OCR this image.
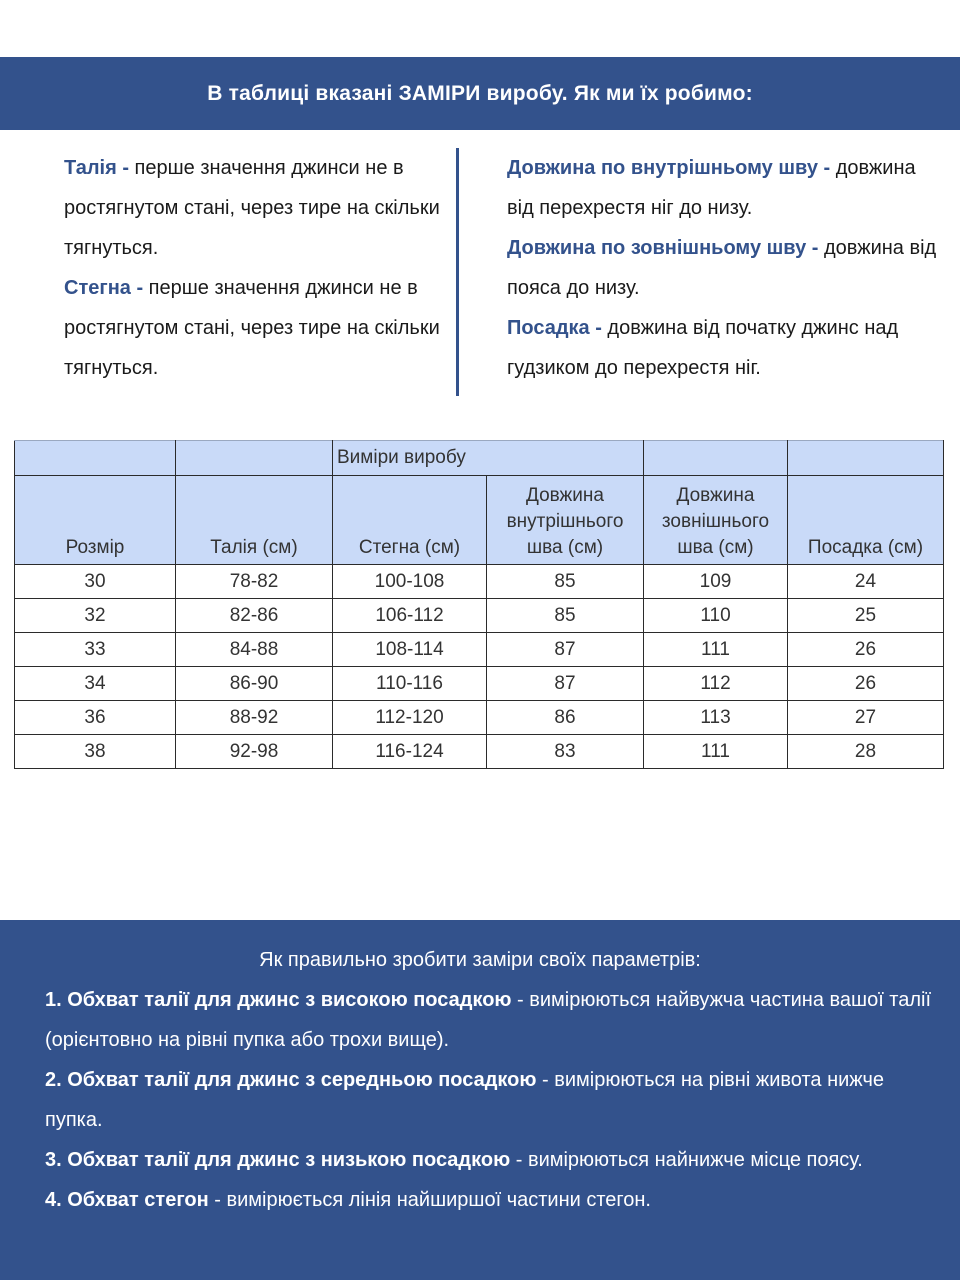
В таблиці вказані ЗАМІРИ виробу. Як ми їх робимо:

Талія - перше значення джинси не в ростягнутом стані, через тире на скільки тягнуться.

Стегна - перше значення джинси не в ростягнутом стані, через тире на скільки тягнуться.

Довжина по внутрішньому шву - довжина від перехрестя ніг до низу.

Довжина по зовнішньому шву - довжина від пояса до низу.

Посадка - довжина від початку джинс над гудзиком до перехрестя ніг.

		Виміри виробу			
Розмір	Талія (см)	Стегна (см)	Довжина внутрішнього шва (см)	Довжина зовнішнього шва (см)	Посадка (см)
30	78-82	100-108	85	109	24
32	82-86	106-112	85	110	25
33	84-88	108-114	87	111	26
34	86-90	110-116	87	112	26
36	88-92	112-120	86	113	27
38	92-98	116-124	83	111	28
Як правильно зробити заміри своїх параметрів:

1. Обхват талії для джинс з високою посадкою - вимірюються найвужча частина вашої талії (орієнтовно на рівні пупка або трохи вище).

2. Обхват талії для джинс з середньою посадкою - вимірюються на рівні живота нижче пупка.

3. Обхват талії для джинс з низькою посадкою - вимірюються найнижче місце поясу.

4. Обхват стегон - вимірюється лінія найширшої частини стегон.
